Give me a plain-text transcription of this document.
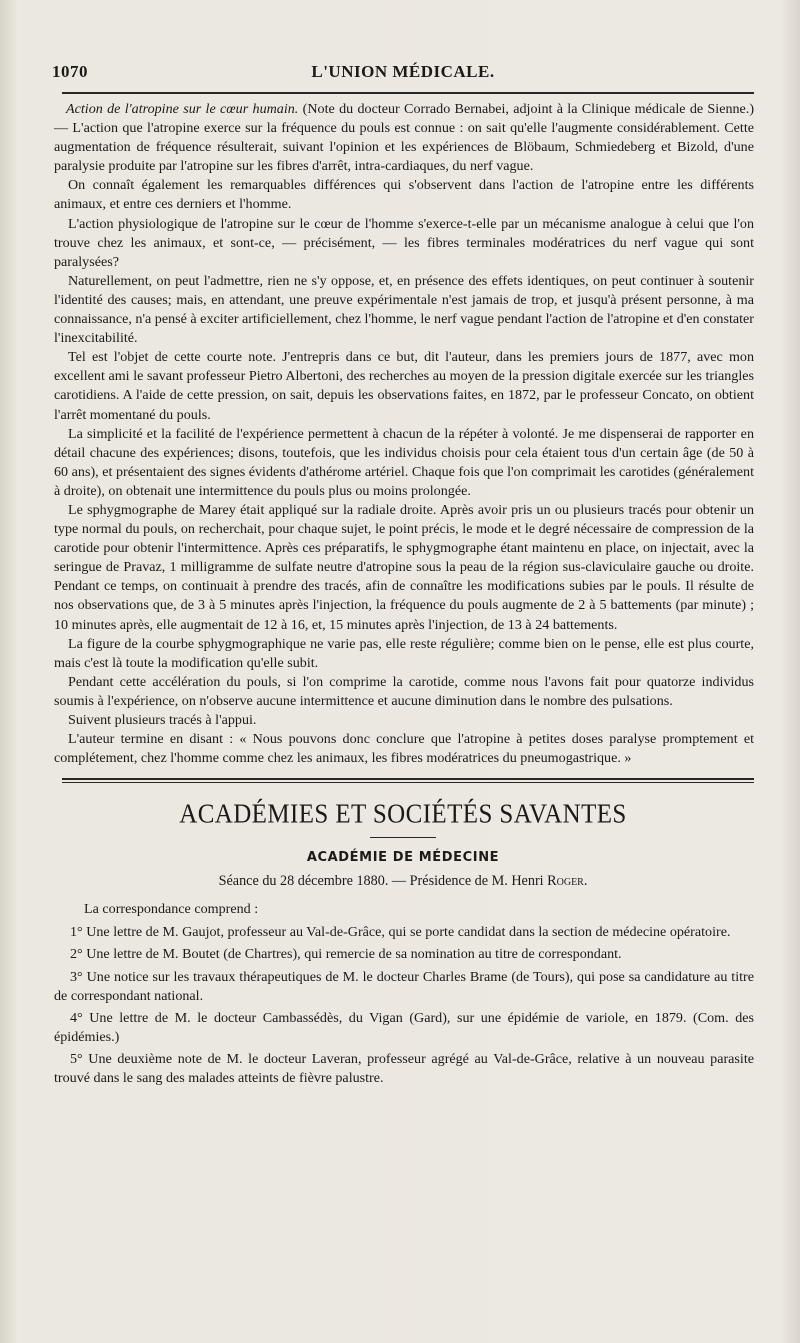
1070	L'UNION MÉDICALE.

Action de l'atropine sur le cœur humain. (Note du docteur Corrado Bernabei, adjoint à la Clinique médicale de Sienne.) — L'action que l'atropine exerce sur la fréquence du pouls est connue : on sait qu'elle l'augmente considérablement. Cette augmentation de fréquence résulterait, suivant l'opinion et les expériences de Blöbaum, Schmiedeberg et Bizold, d'une paralysie produite par l'atropine sur les fibres d'arrêt, intra-cardiaques, du nerf vague.

On connaît également les remarquables différences qui s'observent dans l'action de l'atropine entre les différents animaux, et entre ces derniers et l'homme.

L'action physiologique de l'atropine sur le cœur de l'homme s'exerce-t-elle par un mécanisme analogue à celui que l'on trouve chez les animaux, et sont-ce, — précisément, — les fibres terminales modératrices du nerf vague qui sont paralysées?

Naturellement, on peut l'admettre, rien ne s'y oppose, et, en présence des effets identiques, on peut continuer à soutenir l'identité des causes; mais, en attendant, une preuve expérimentale n'est jamais de trop, et jusqu'à présent personne, à ma connaissance, n'a pensé à exciter artificiellement, chez l'homme, le nerf vague pendant l'action de l'atropine et d'en constater l'inexcitabilité.

Tel est l'objet de cette courte note. J'entrepris dans ce but, dit l'auteur, dans les premiers jours de 1877, avec mon excellent ami le savant professeur Pietro Albertoni, des recherches au moyen de la pression digitale exercée sur les triangles carotidiens. A l'aide de cette pression, on sait, depuis les observations faites, en 1872, par le professeur Concato, on obtient l'arrêt momentané du pouls.

La simplicité et la facilité de l'expérience permettent à chacun de la répéter à volonté. Je me dispenserai de rapporter en détail chacune des expériences; disons, toutefois, que les individus choisis pour cela étaient tous d'un certain âge (de 50 à 60 ans), et présentaient des signes évidents d'athérome artériel. Chaque fois que l'on comprimait les carotides (généralement à droite), on obtenait une intermittence du pouls plus ou moins prolongée.

Le sphygmographe de Marey était appliqué sur la radiale droite. Après avoir pris un ou plusieurs tracés pour obtenir un type normal du pouls, on recherchait, pour chaque sujet, le point précis, le mode et le degré nécessaire de compression de la carotide pour obtenir l'intermittence. Après ces préparatifs, le sphygmographe étant maintenu en place, on injectait, avec la seringue de Pravaz, 1 milligramme de sulfate neutre d'atropine sous la peau de la région sus-claviculaire gauche ou droite. Pendant ce temps, on continuait à prendre des tracés, afin de connaître les modifications subies par le pouls. Il résulte de nos observations que, de 3 à 5 minutes après l'injection, la fréquence du pouls augmente de 2 à 5 battements (par minute) ; 10 minutes après, elle augmentait de 12 à 16, et, 15 minutes après l'injection, de 13 à 24 battements.

La figure de la courbe sphygmographique ne varie pas, elle reste régulière; comme bien on le pense, elle est plus courte, mais c'est là toute la modification qu'elle subit.

Pendant cette accélération du pouls, si l'on comprime la carotide, comme nous l'avons fait pour quatorze individus soumis à l'expérience, on n'observe aucune intermittence et aucune diminution dans le nombre des pulsations.

Suivent plusieurs tracés à l'appui.

L'auteur termine en disant : « Nous pouvons donc conclure que l'atropine à petites doses paralyse promptement et complétement, chez l'homme comme chez les animaux, les fibres modératrices du pneumogastrique. »

ACADÉMIES ET SOCIÉTÉS SAVANTES
ACADÉMIE DE MÉDECINE
Séance du 28 décembre 1880. — Présidence de M. Henri Roger.

La correspondance comprend :

1° Une lettre de M. Gaujot, professeur au Val-de-Grâce, qui se porte candidat dans la section de médecine opératoire.

2° Une lettre de M. Boutet (de Chartres), qui remercie de sa nomination au titre de correspondant.

3° Une notice sur les travaux thérapeutiques de M. le docteur Charles Brame (de Tours), qui pose sa candidature au titre de correspondant national.

4° Une lettre de M. le docteur Cambassédès, du Vigan (Gard), sur une épidémie de variole, en 1879. (Com. des épidémies.)

5° Une deuxième note de M. le docteur Laveran, professeur agrégé au Val-de-Grâce, relative à un nouveau parasite trouvé dans le sang des malades atteints de fièvre palustre.
